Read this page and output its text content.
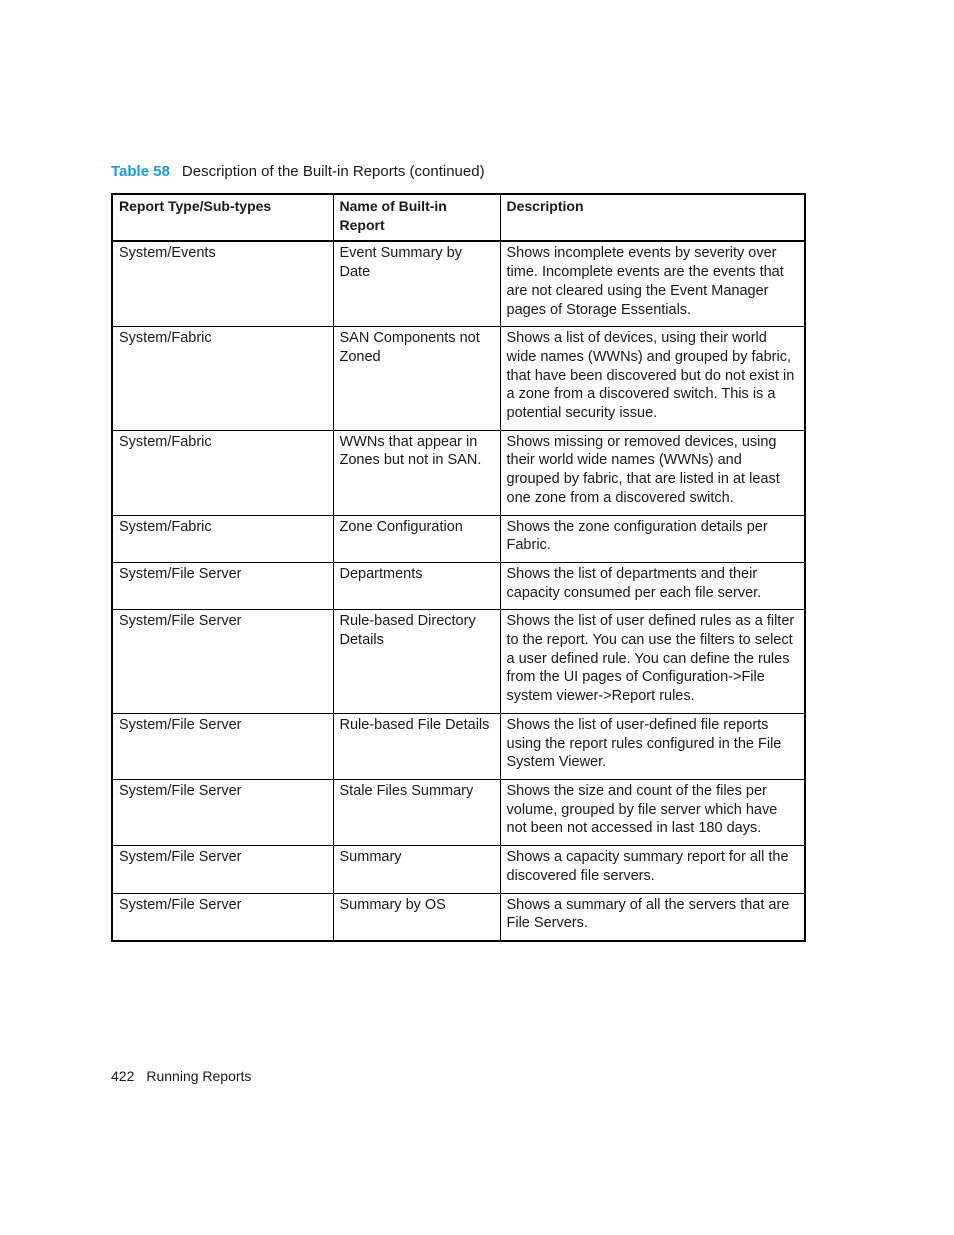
Table 58 Description of the Built-in Reports (continued)
Report Type/Sub-types	Name of Built-in Report	Description
System/Events	Event Summary by Date	Shows incomplete events by severity over time. Incomplete events are the events that are not cleared using the Event Manager pages of Storage Essentials.
System/Fabric	SAN Components not Zoned	Shows a list of devices, using their world wide names (WWNs) and grouped by fabric, that have been discovered but do not exist in a zone from a discovered switch. This is a potential security issue.
System/Fabric	WWNs that appear in Zones but not in SAN.	Shows missing or removed devices, using their world wide names (WWNs) and grouped by fabric, that are listed in at least one zone from a discovered switch.
System/Fabric	Zone Configuration	Shows the zone configuration details per Fabric.
System/File Server	Departments	Shows the list of departments and their capacity consumed per each file server.
System/File Server	Rule-based Directory Details	Shows the list of user defined rules as a filter to the report. You can use the filters to select a user defined rule. You can define the rules from the UI pages of Configuration->File system viewer->Report rules.
System/File Server	Rule-based File Details	Shows the list of user-defined file reports using the report rules configured in the File System Viewer.
System/File Server	Stale Files Summary	Shows the size and count of the files per volume, grouped by file server which have not been not accessed in last 180 days.
System/File Server	Summary	Shows a capacity summary report for all the discovered file servers.
System/File Server	Summary by OS	Shows a summary of all the servers that are File Servers.
422 Running Reports
